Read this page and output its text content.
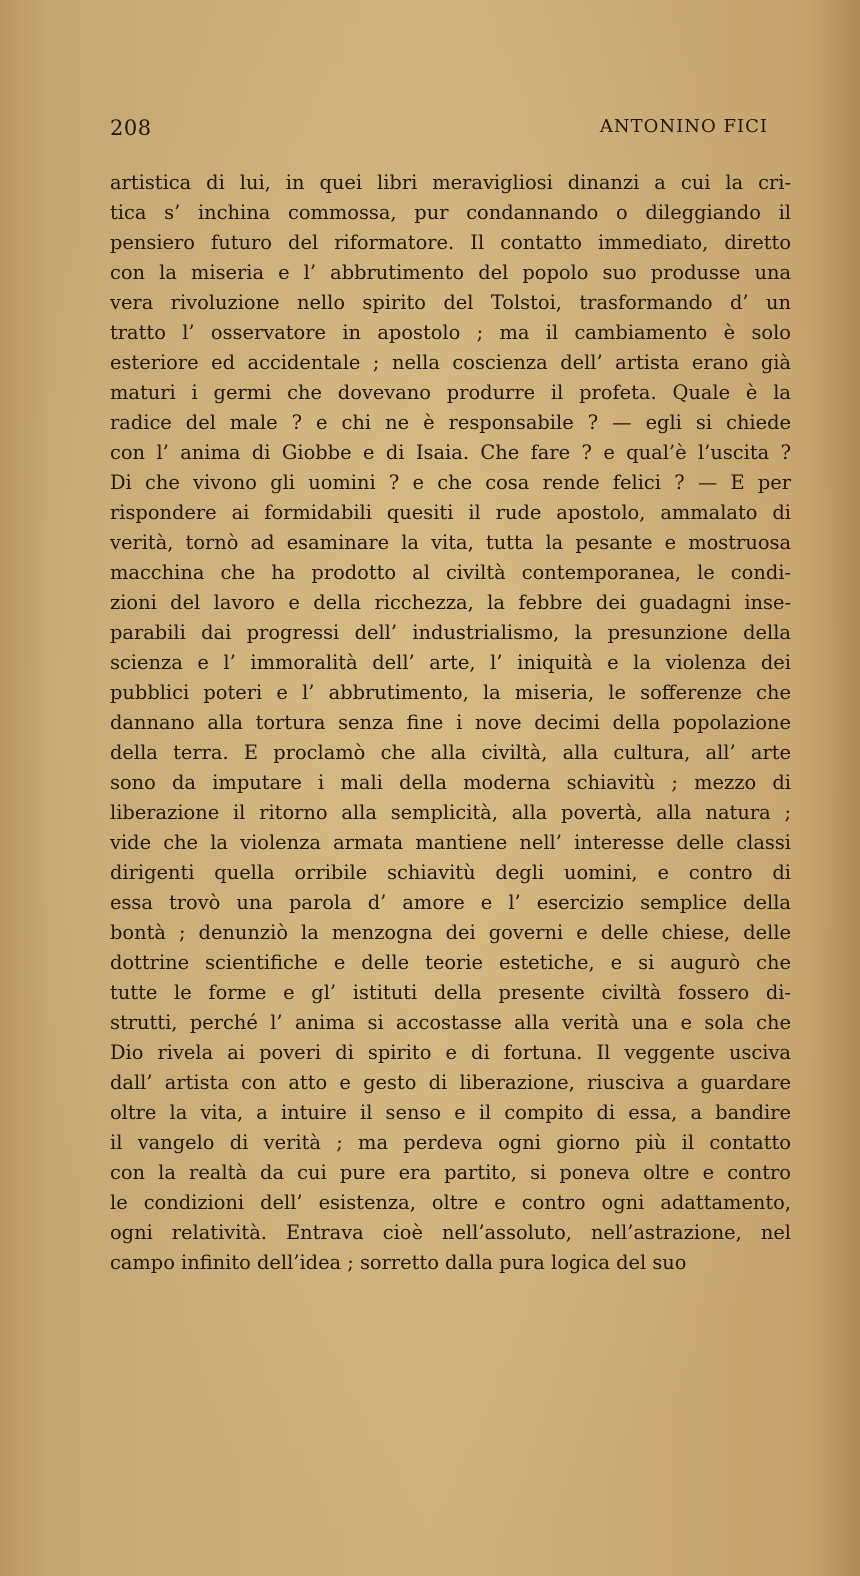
208	ANTONINO FICI
artistica di lui, in quei libri meravigliosi dinanzi a cui la cri-
tica s’ inchina commossa, pur condannando o dileggiando il
pensiero futuro del riformatore. Il contatto immediato, diretto
con la miseria e l’ abbrutimento del popolo suo produsse una
vera rivoluzione nello spirito del Tolstoi, trasformando d’ un
tratto l’ osservatore in apostolo ; ma il cambiamento è solo
esteriore ed accidentale ; nella coscienza dell’ artista erano già
maturi i germi che dovevano produrre il profeta. Quale è la
radice del male ? e chi ne è responsabile ? — egli si chiede
con l’ anima di Giobbe e di Isaia. Che fare ? e qual’è l’uscita ?
Di che vivono gli uomini ? e che cosa rende felici ? — E per
rispondere ai formidabili quesiti il rude apostolo, ammalato di
verità, tornò ad esaminare la vita, tutta la pesante e mostruosa
macchina che ha prodotto al civiltà contemporanea, le condi-
zioni del lavoro e della ricchezza, la febbre dei guadagni inse-
parabili dai progressi dell’ industrialismo, la presunzione della
scienza e l’ immoralità dell’ arte, l’ iniquità e la violenza dei
pubblici poteri e l’ abbrutimento, la miseria, le sofferenze che
dannano alla tortura senza fine i nove decimi della popolazione
della terra. E proclamò che alla civiltà, alla cultura, all’ arte
sono da imputare i mali della moderna schiavitù ; mezzo di
liberazione il ritorno alla semplicità, alla povertà, alla natura ;
vide che la violenza armata mantiene nell’ interesse delle classi
dirigenti quella orribile schiavitù degli uomini, e contro di
essa trovò una parola d’ amore e l’ esercizio semplice della
bontà ; denunziò la menzogna dei governi e delle chiese, delle
dottrine scientifiche e delle teorie estetiche, e si augurò che
tutte le forme e gl’ istituti della presente civiltà fossero di-
strutti, perché l’ anima si accostasse alla verità una e sola che
Dio rivela ai poveri di spirito e di fortuna. Il veggente usciva
dall’ artista con atto e gesto di liberazione, riusciva a guardare
oltre la vita, a intuire il senso e il compito di essa, a bandire
il vangelo di verità ; ma perdeva ogni giorno più il contatto
con la realtà da cui pure era partito, si poneva oltre e contro
le condizioni dell’ esistenza, oltre e contro ogni adattamento,
ogni relatività. Entrava cioè nell’assoluto, nell’astrazione, nel
campo infinito dell’idea ; sorretto dalla pura logica del suo
